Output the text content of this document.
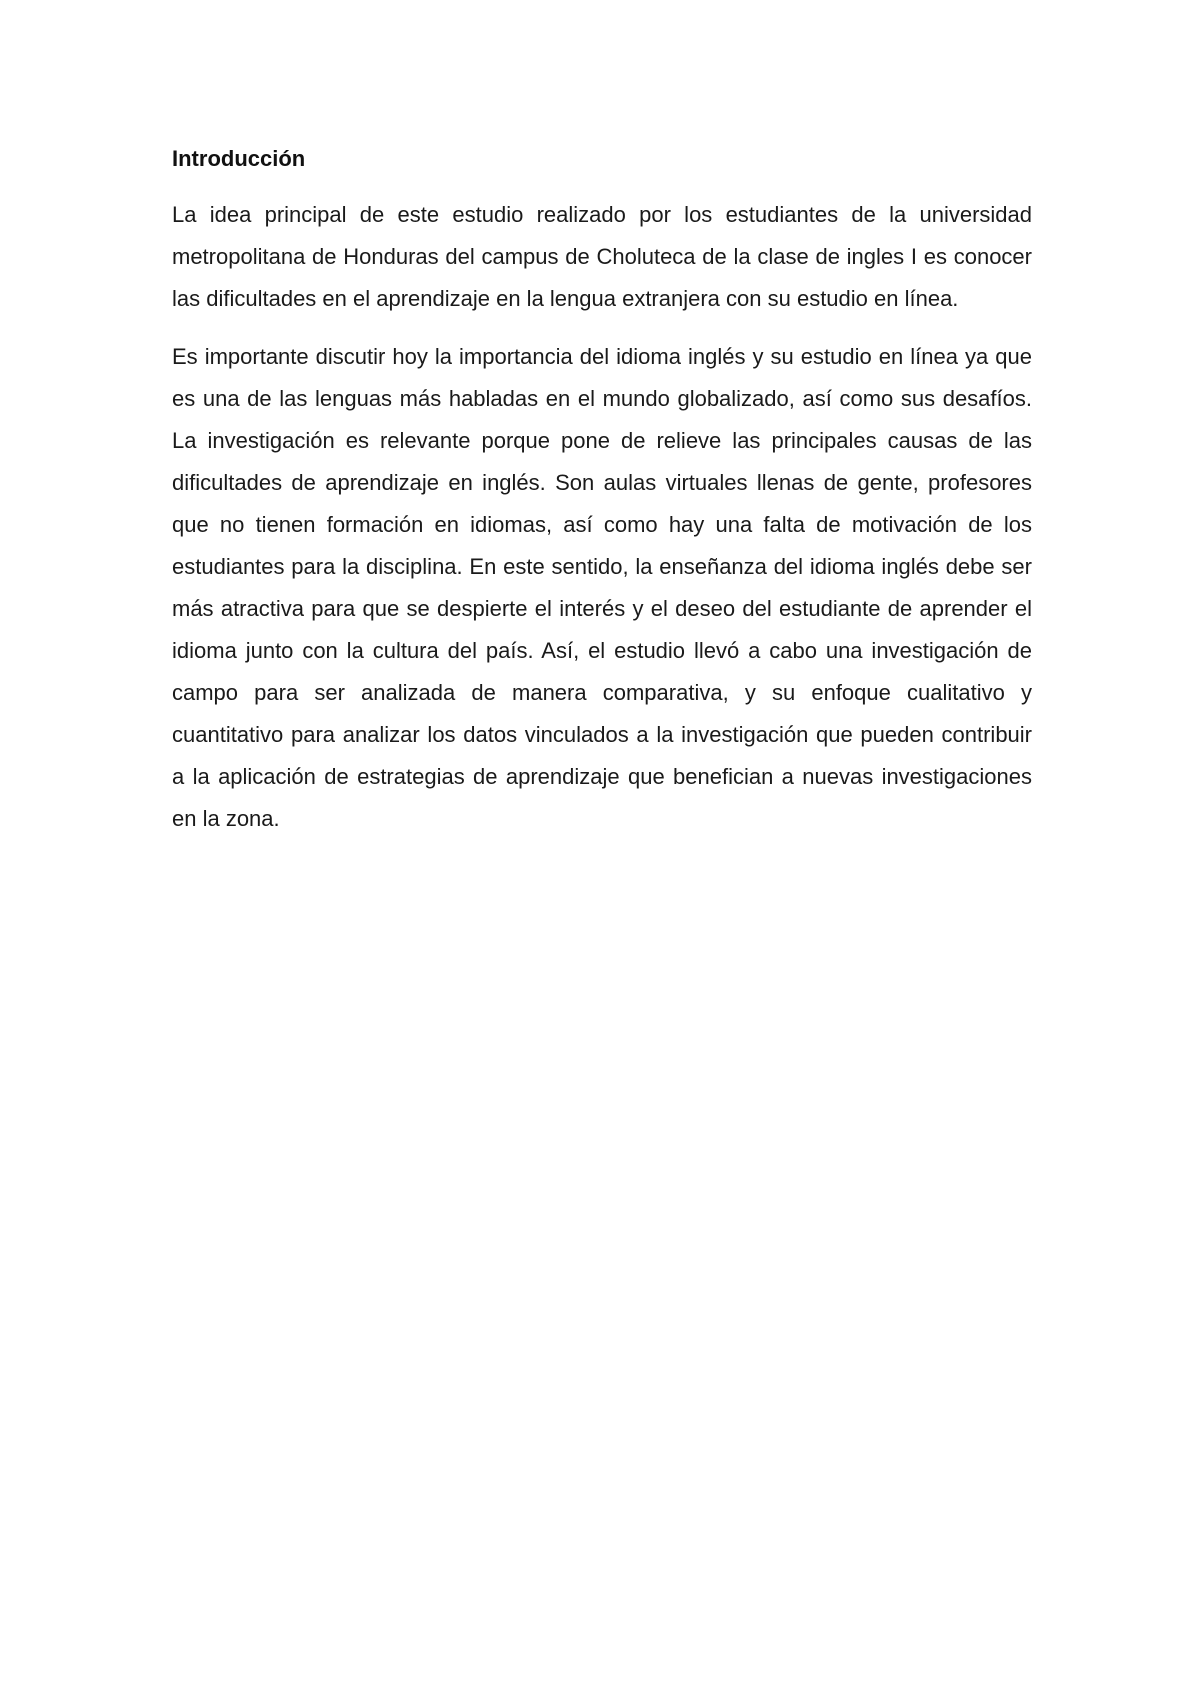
Introducción

La idea principal de este estudio realizado por los estudiantes de la universidad metropolitana de Honduras del campus de Choluteca de la clase de ingles I es conocer las dificultades en el aprendizaje en la lengua extranjera con su estudio en línea.

Es importante discutir hoy la importancia del idioma inglés y su estudio en línea ya que es una de las lenguas más habladas en el mundo globalizado, así como sus desafíos. La investigación es relevante porque pone de relieve las principales causas de las dificultades de aprendizaje en inglés. Son aulas virtuales llenas de gente, profesores que no tienen formación en idiomas, así como hay una falta de motivación de los estudiantes para la disciplina. En este sentido, la enseñanza del idioma inglés debe ser más atractiva para que se despierte el interés y el deseo del estudiante de aprender el idioma junto con la cultura del país. Así, el estudio llevó a cabo una investigación de campo para ser analizada de manera comparativa, y su enfoque cualitativo y cuantitativo para analizar los datos vinculados a la investigación que pueden contribuir a la aplicación de estrategias de aprendizaje que benefician a nuevas investigaciones en la zona.
